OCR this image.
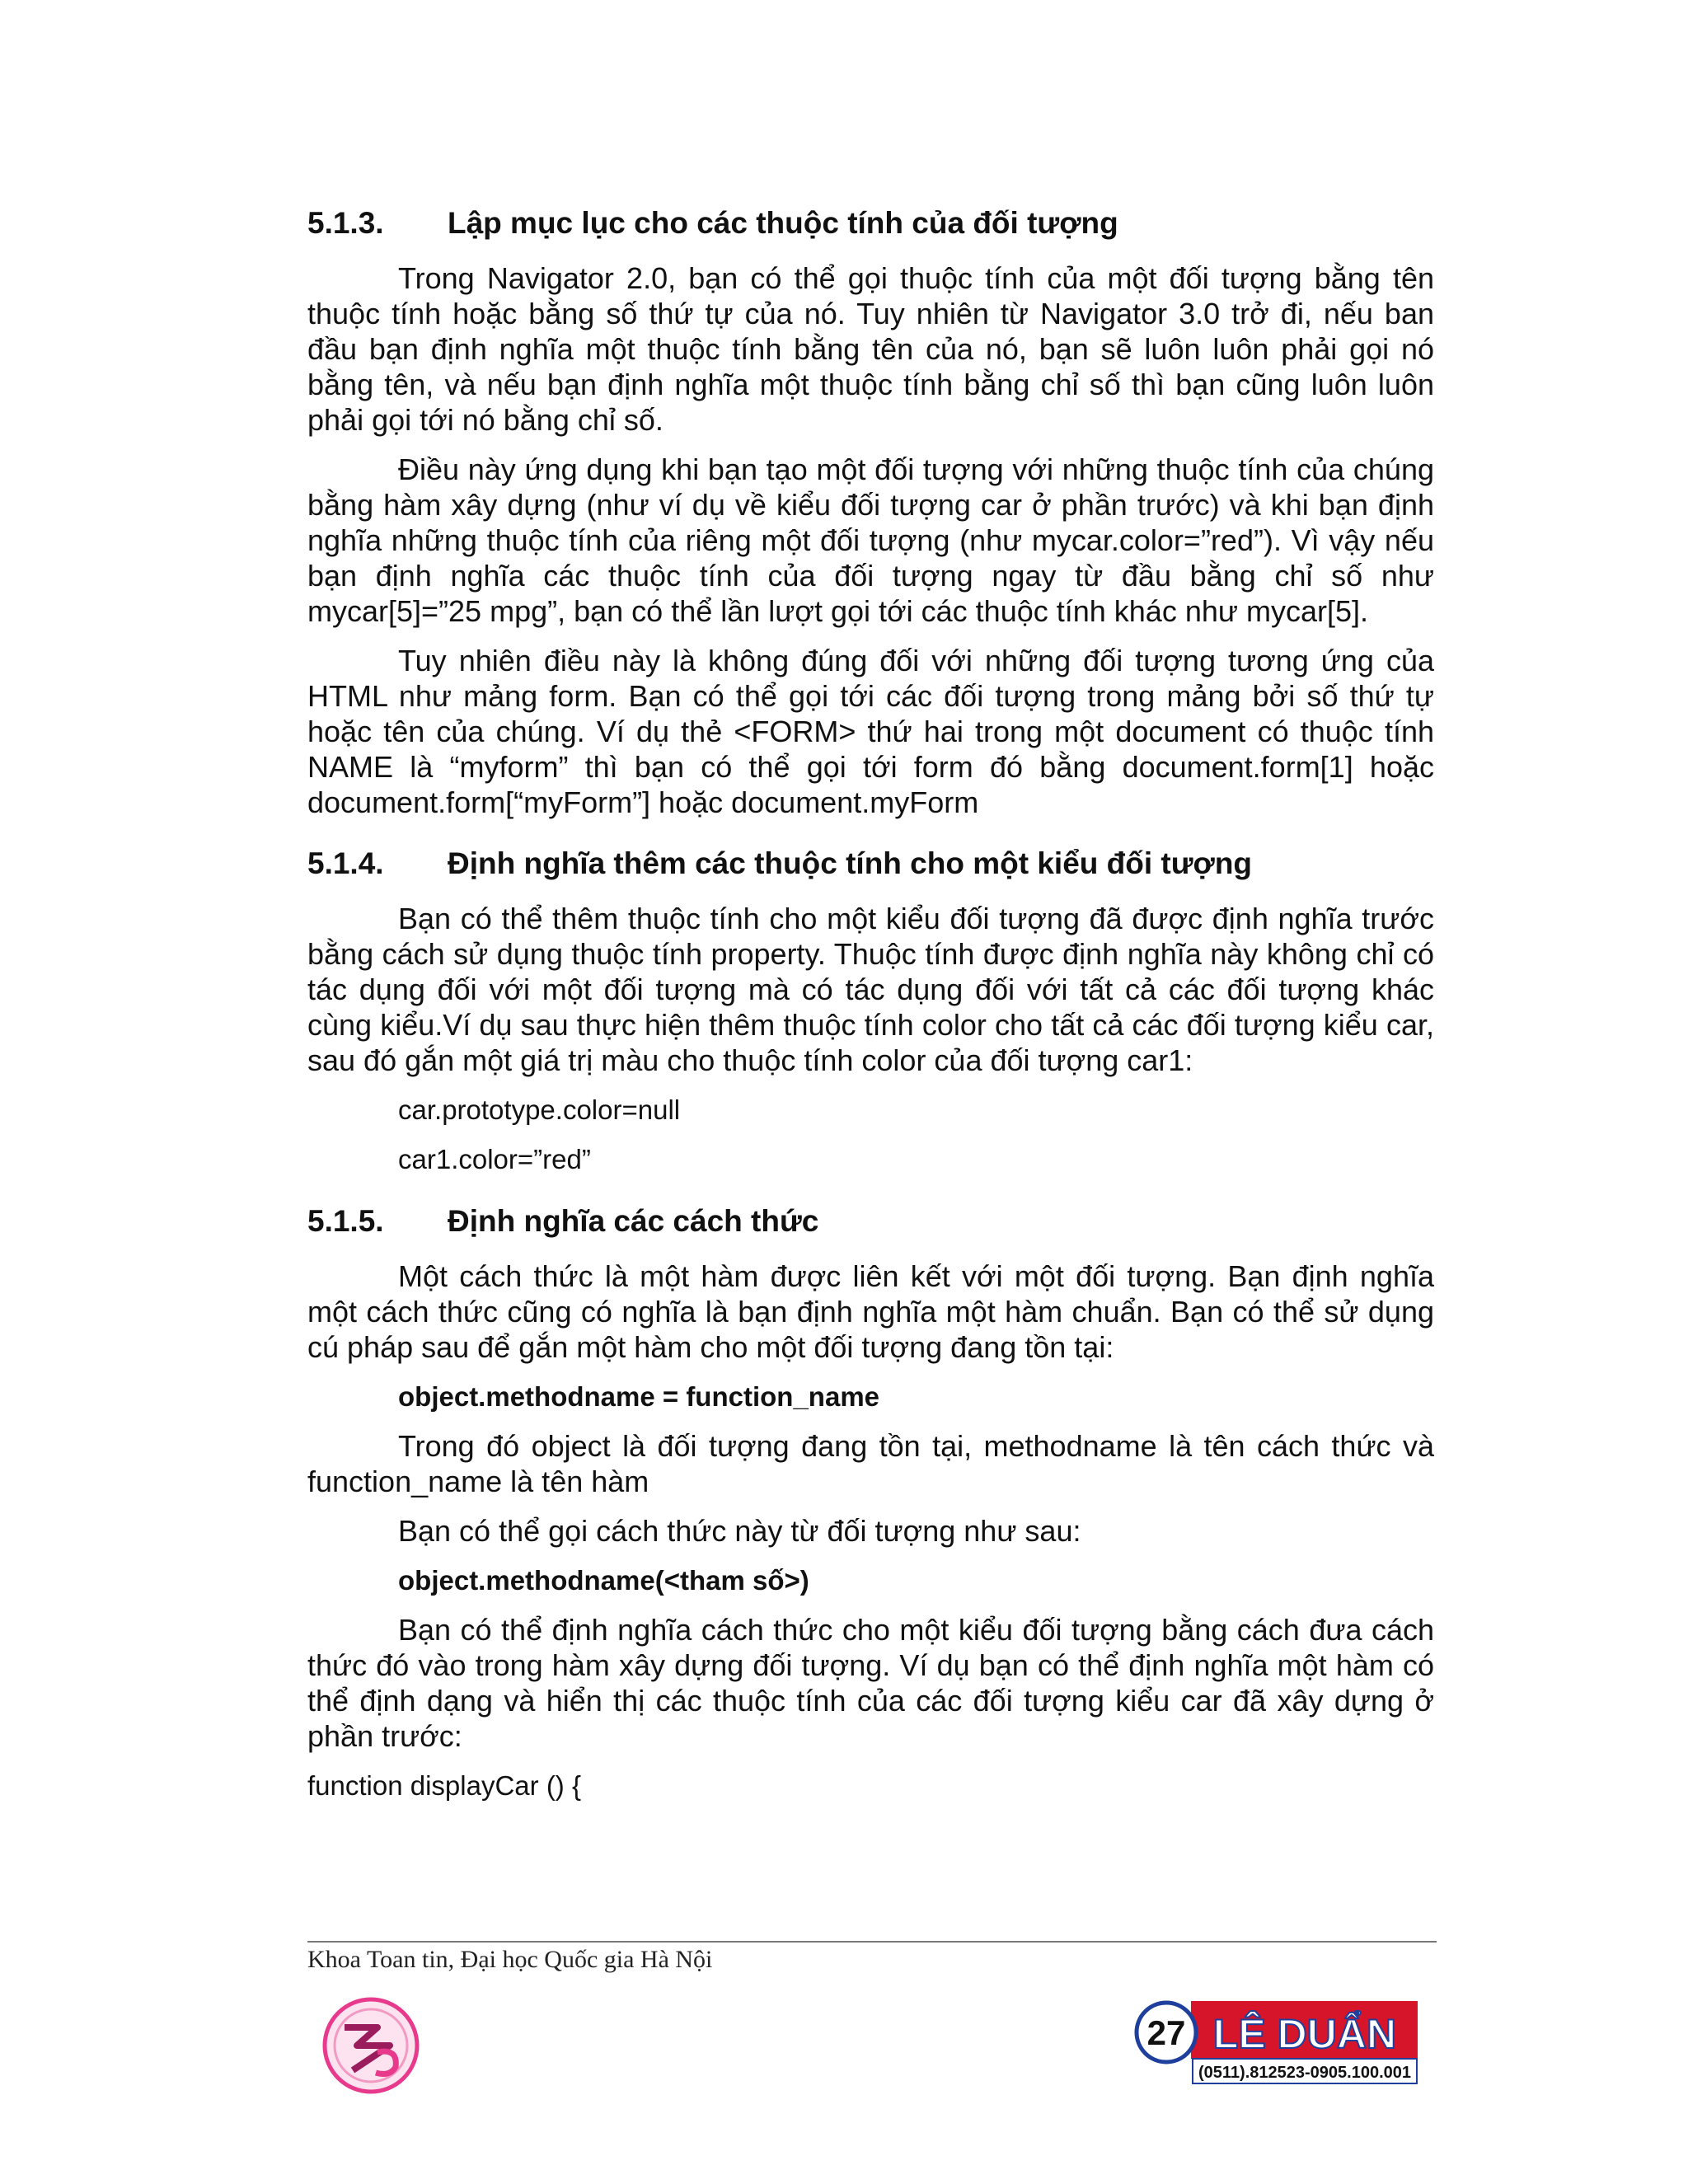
5.1.3.	Lập mục lục cho các thuộc tính của đối tượng

Trong Navigator 2.0, bạn có thể gọi thuộc tính của một đối tượng bằng tên thuộc tính hoặc bằng số thứ tự của nó. Tuy nhiên từ Navigator 3.0 trở đi, nếu ban đầu bạn định nghĩa một thuộc tính bằng tên của nó, bạn sẽ luôn luôn phải gọi nó bằng tên, và nếu bạn định nghĩa một thuộc tính bằng chỉ số thì bạn cũng luôn luôn phải gọi tới nó bằng chỉ số.

Điều này ứng dụng khi bạn tạo một đối tượng với những thuộc tính của chúng bằng hàm xây dựng (như ví dụ về kiểu đối tượng car ở phần trước) và khi bạn định nghĩa những thuộc tính của riêng một đối tượng (như mycar.color=”red”). Vì vậy nếu bạn định nghĩa các thuộc tính của đối tượng ngay từ đầu bằng chỉ số như mycar[5]=”25 mpg”, bạn có thể lần lượt gọi tới các thuộc tính khác như mycar[5].

Tuy nhiên điều này là không đúng đối với những đối tượng tương ứng của HTML như mảng form. Bạn có thể gọi tới các đối tượng trong mảng bởi số thứ tự hoặc tên của chúng. Ví dụ thẻ <FORM> thứ hai trong một document có thuộc tính NAME là “myform” thì bạn có thể gọi tới form đó bằng document.form[1] hoặc document.form[“myForm”] hoặc document.myForm

5.1.4.	Định nghĩa thêm các thuộc tính cho một kiểu đối tượng

Bạn có thể thêm thuộc tính cho một kiểu đối tượng đã được định nghĩa trước bằng cách sử dụng thuộc tính property. Thuộc tính được định nghĩa này không chỉ có tác dụng đối với một đối tượng mà có tác dụng đối với tất cả các đối tượng khác cùng kiểu.Ví dụ sau thực hiện thêm thuộc tính color cho tất cả các đối tượng kiểu car, sau đó gắn một giá trị màu cho thuộc tính color của đối tượng car1:

car.prototype.color=null
car1.color=”red”
5.1.5.	Định nghĩa các cách thức

Một cách thức là một hàm được liên kết với một đối tượng. Bạn định nghĩa một cách thức cũng có nghĩa là bạn định nghĩa một hàm chuẩn. Bạn có thể sử dụng cú pháp sau để gắn một hàm cho một đối tượng đang tồn tại:

object.methodname = function_name

Trong đó object là đối tượng đang tồn tại, methodname là tên cách thức và function_name là tên hàm

Bạn có thể gọi cách thức này từ đối tượng như sau:

object.methodname(<tham số>)

Bạn có thể định nghĩa cách thức cho một kiểu đối tượng bằng cách đưa cách thức đó vào trong hàm xây dựng đối tượng. Ví dụ bạn có thể định nghĩa một hàm có thể định dạng và hiển thị các thuộc tính của các đối tượng kiểu car đã xây dựng ở phần trước:

function displayCar () {
Khoa Toan tin, Đại học Quốc gia Hà Nội
27 LÊ DUẨN
(0511).812523-0905.100.001
